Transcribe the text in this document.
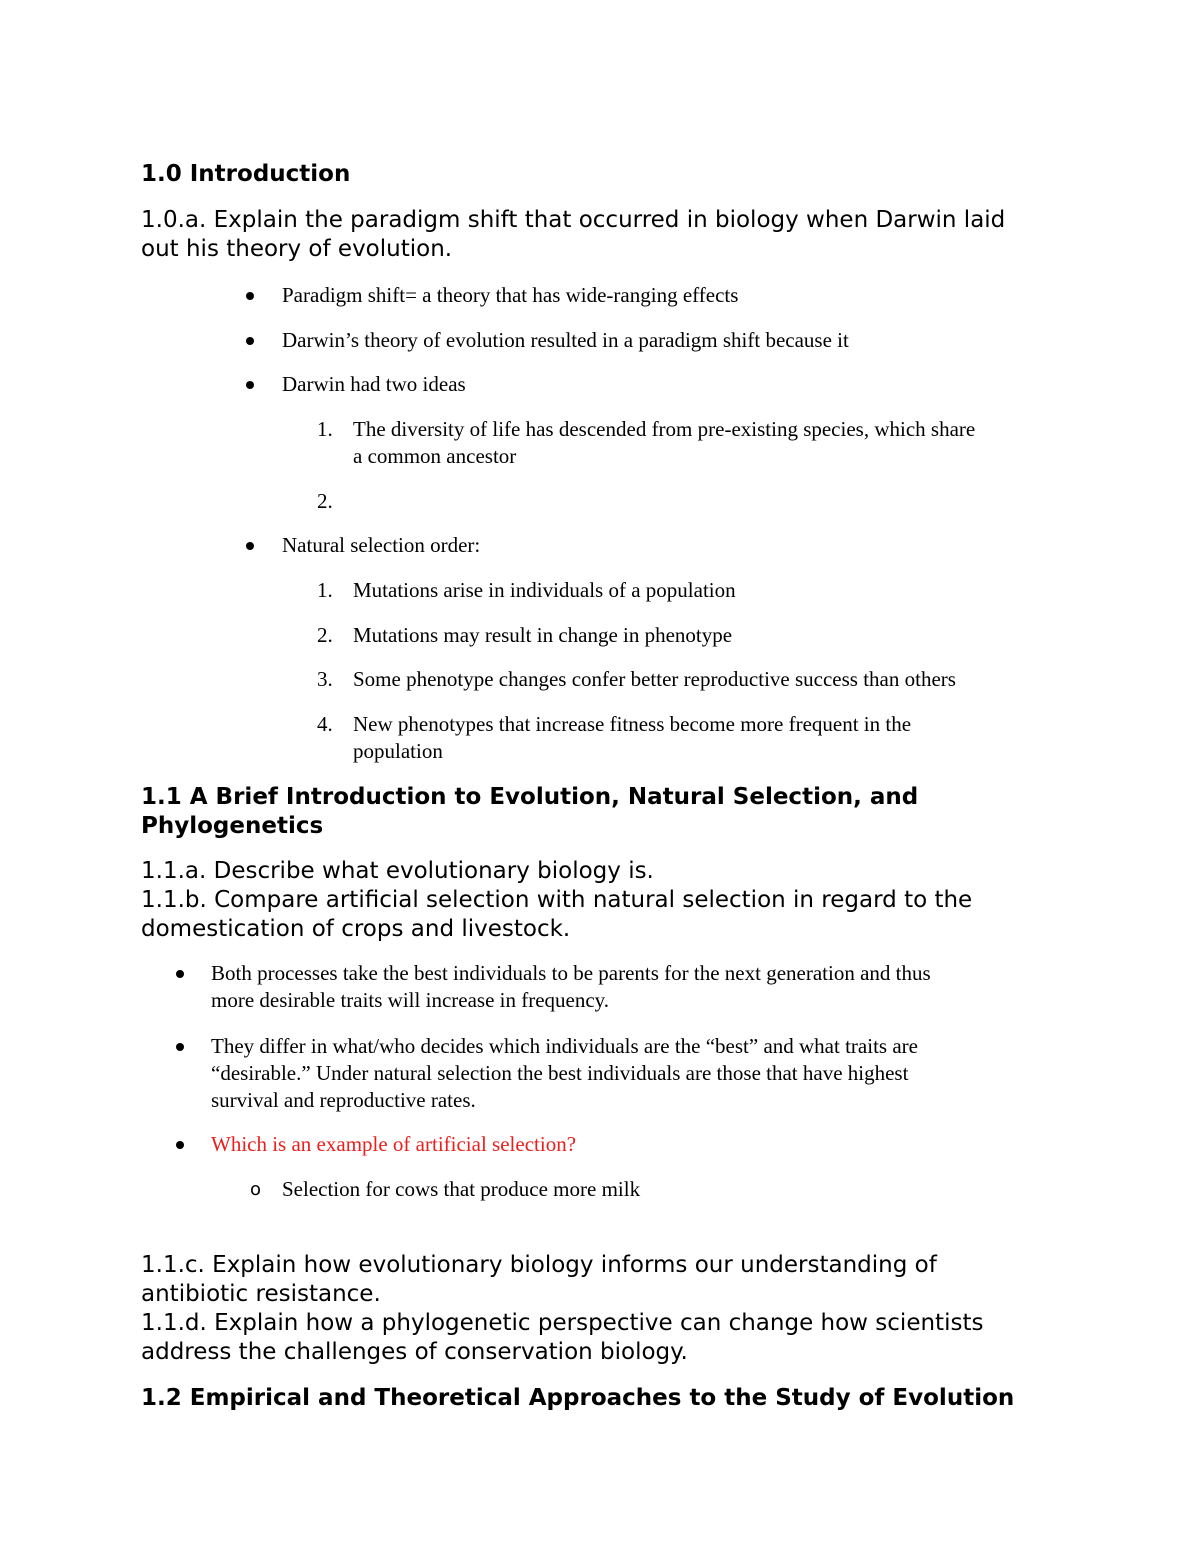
1.0 Introduction
1.0.a. Explain the paradigm shift that occurred in biology when Darwin laid
out his theory of evolution.
Paradigm shift= a theory that has wide-ranging effects
Darwin’s theory of evolution resulted in a paradigm shift because it
Darwin had two ideas
1. The diversity of life has descended from pre-existing species, which share
a common ancestor
2.
Natural selection order:
1. Mutations arise in individuals of a population
2. Mutations may result in change in phenotype
3. Some phenotype changes confer better reproductive success than others
4. New phenotypes that increase fitness become more frequent in the
population
1.1 A Brief Introduction to Evolution, Natural Selection, and
Phylogenetics
1.1.a. Describe what evolutionary biology is.
1.1.b. Compare artificial selection with natural selection in regard to the
domestication of crops and livestock.
Both processes take the best individuals to be parents for the next generation and thus
more desirable traits will increase in frequency.
They differ in what/who decides which individuals are the “best” and what traits are
“desirable.” Under natural selection the best individuals are those that have highest
survival and reproductive rates.
Which is an example of artificial selection?
o Selection for cows that produce more milk
1.1.c. Explain how evolutionary biology informs our understanding of
antibiotic resistance.
1.1.d. Explain how a phylogenetic perspective can change how scientists
address the challenges of conservation biology.
1.2 Empirical and Theoretical Approaches to the Study of Evolution
